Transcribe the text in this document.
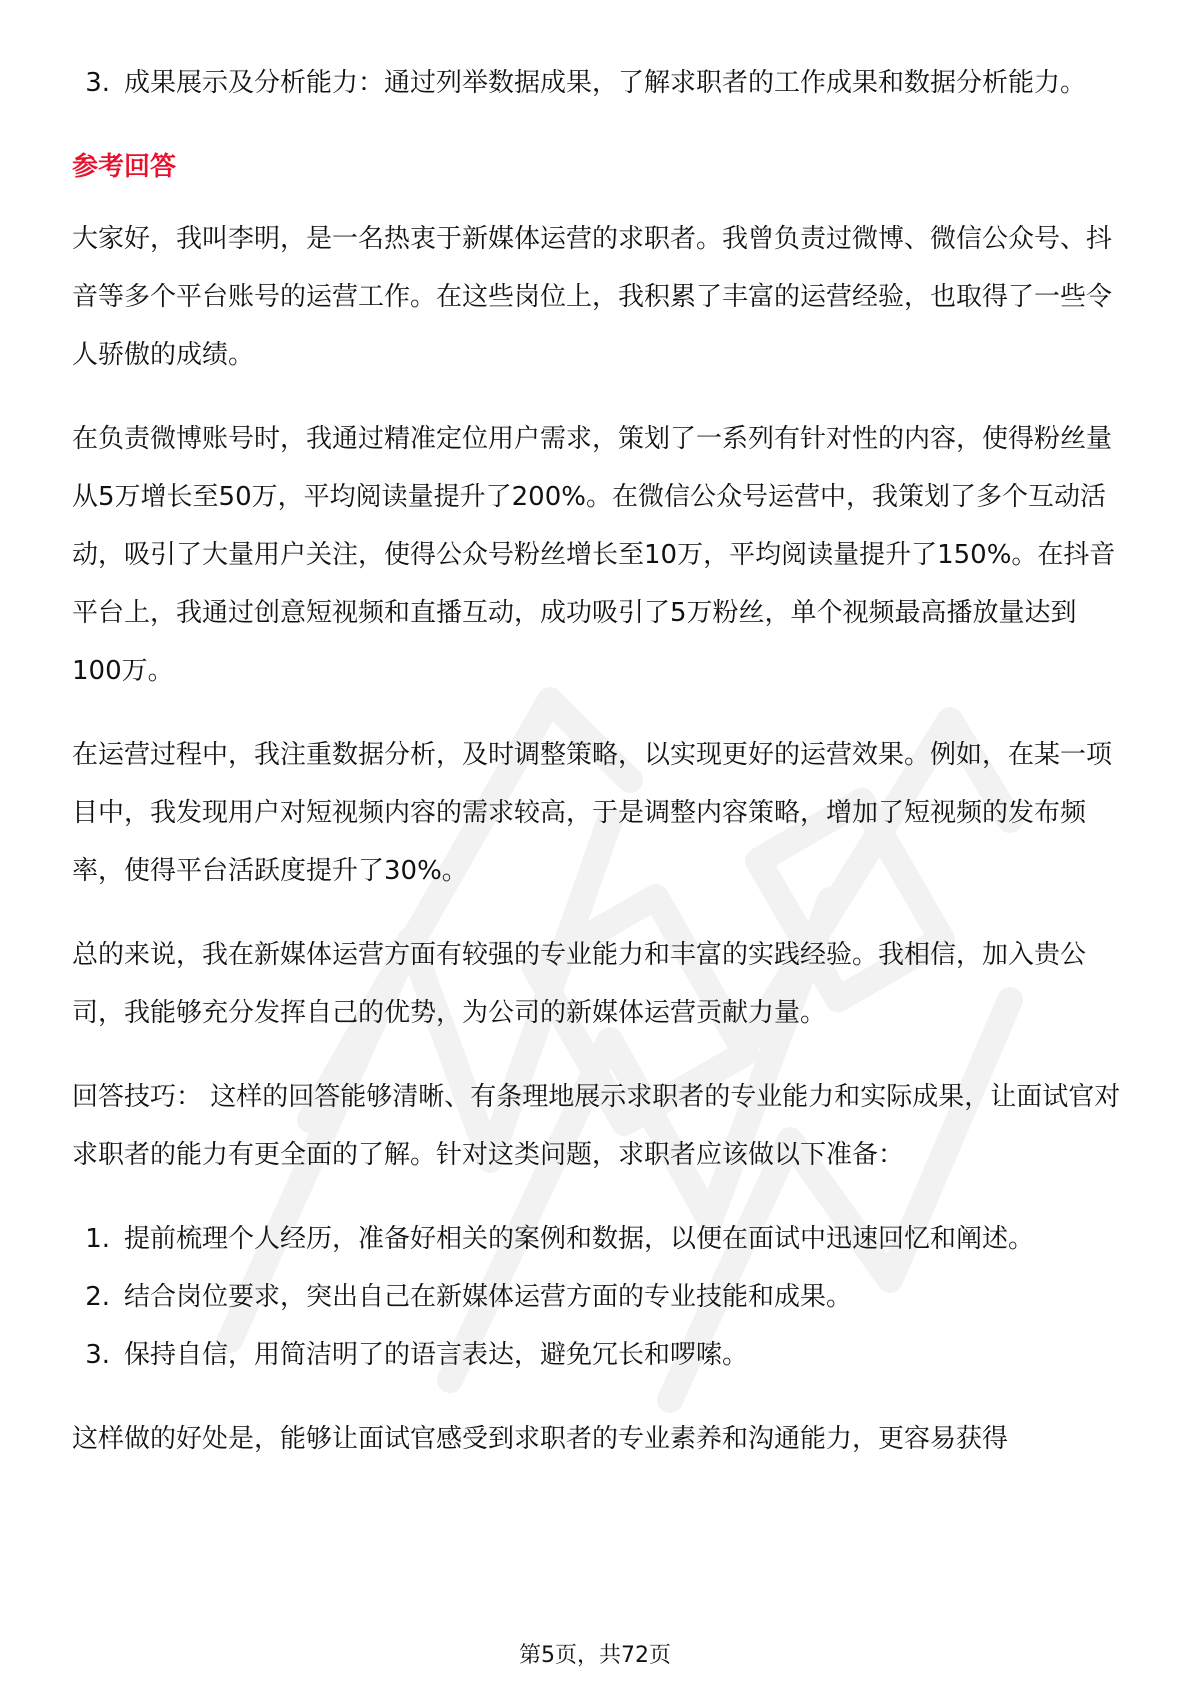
3. 成果展示及分析能力：通过列举数据成果，了解求职者的工作成果和数据分析能力。
参考回答

大家好，我叫李明，是一名热衷于新媒体运营的求职者。我曾负责过微博、微信公众号、抖音等多个平台账号的运营工作。在这些岗位上，我积累了丰富的运营经验，也取得了一些令人骄傲的成绩。

在负责微博账号时，我通过精准定位用户需求，策划了一系列有针对性的内容，使得粉丝量从5万增长至50万，平均阅读量提升了200%。在微信公众号运营中，我策划了多个互动活动，吸引了大量用户关注，使得公众号粉丝增长至10万，平均阅读量提升了150%。在抖音平台上，我通过创意短视频和直播互动，成功吸引了5万粉丝，单个视频最高播放量达到100万。

在运营过程中，我注重数据分析，及时调整策略，以实现更好的运营效果。例如，在某一项目中，我发现用户对短视频内容的需求较高，于是调整内容策略，增加了短视频的发布频率，使得平台活跃度提升了30%。

总的来说，我在新媒体运营方面有较强的专业能力和丰富的实践经验。我相信，加入贵公司，我能够充分发挥自己的优势，为公司的新媒体运营贡献力量。

回答技巧： 这样的回答能够清晰、有条理地展示求职者的专业能力和实际成果，让面试官对求职者的能力有更全面的了解。针对这类问题，求职者应该做以下准备：

1. 提前梳理个人经历，准备好相关的案例和数据，以便在面试中迅速回忆和阐述。
2. 结合岗位要求，突出自己在新媒体运营方面的专业技能和成果。
3. 保持自信，用简洁明了的语言表达，避免冗长和啰嗦。

这样做的好处是，能够让面试官感受到求职者的专业素养和沟通能力，更容易获得

第5页，共72页
